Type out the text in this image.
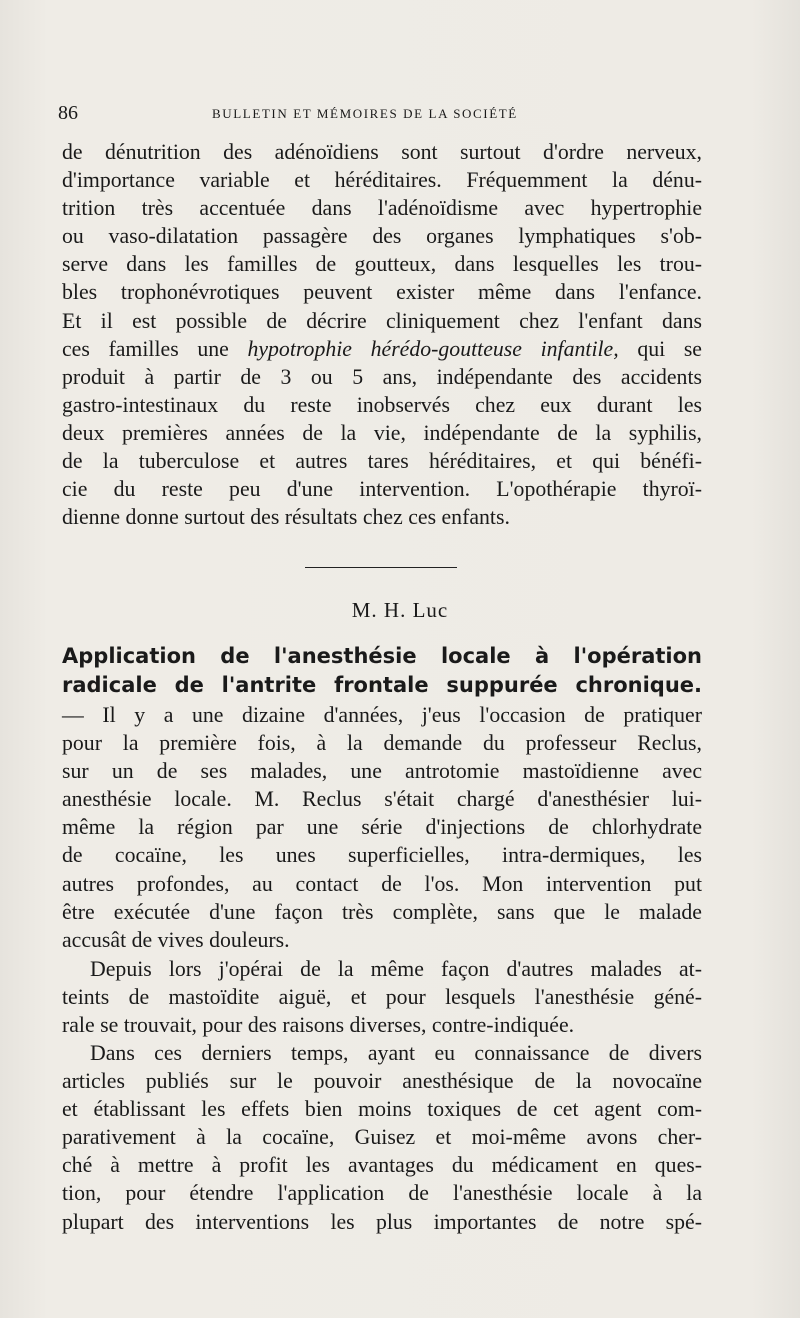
86	BULLETIN ET MÉMOIRES DE LA SOCIÉTÉ
de dénutrition des adénoïdiens sont surtout d'ordre nerveux,
d'importance variable et héréditaires. Fréquemment la dénu-
trition très accentuée dans l'adénoïdisme avec hypertrophie
ou vaso-dilatation passagère des organes lymphatiques s'ob-
serve dans les familles de goutteux, dans lesquelles les trou-
bles trophonévrotiques peuvent exister même dans l'enfance.
Et il est possible de décrire cliniquement chez l'enfant dans
ces familles une hypotrophie hérédo-goutteuse infantile, qui se
produit à partir de 3 ou 5 ans, indépendante des accidents
gastro-intestinaux du reste inobservés chez eux durant les
deux premières années de la vie, indépendante de la syphilis,
de la tuberculose et autres tares héréditaires, et qui bénéfi-
cie du reste peu d'une intervention. L'opothérapie thyroï-
dienne donne surtout des résultats chez ces enfants.
M. H. Luc
Application de l'anesthésie locale à l'opération
radicale de l'antrite frontale suppurée chronique.
— Il y a une dizaine d'années, j'eus l'occasion de pratiquer
pour la première fois, à la demande du professeur Reclus,
sur un de ses malades, une antrotomie mastoïdienne avec
anesthésie locale. M. Reclus s'était chargé d'anesthésier lui-
même la région par une série d'injections de chlorhydrate
de cocaïne, les unes superficielles, intra-dermiques, les
autres profondes, au contact de l'os. Mon intervention put
être exécutée d'une façon très complète, sans que le malade
accusât de vives douleurs.
Depuis lors j'opérai de la même façon d'autres malades at-
teints de mastoïdite aiguë, et pour lesquels l'anesthésie géné-
rale se trouvait, pour des raisons diverses, contre-indiquée.
Dans ces derniers temps, ayant eu connaissance de divers
articles publiés sur le pouvoir anesthésique de la novocaïne
et établissant les effets bien moins toxiques de cet agent com-
parativement à la cocaïne, Guisez et moi-même avons cher-
ché à mettre à profit les avantages du médicament en ques-
tion, pour étendre l'application de l'anesthésie locale à la
plupart des interventions les plus importantes de notre spé-
